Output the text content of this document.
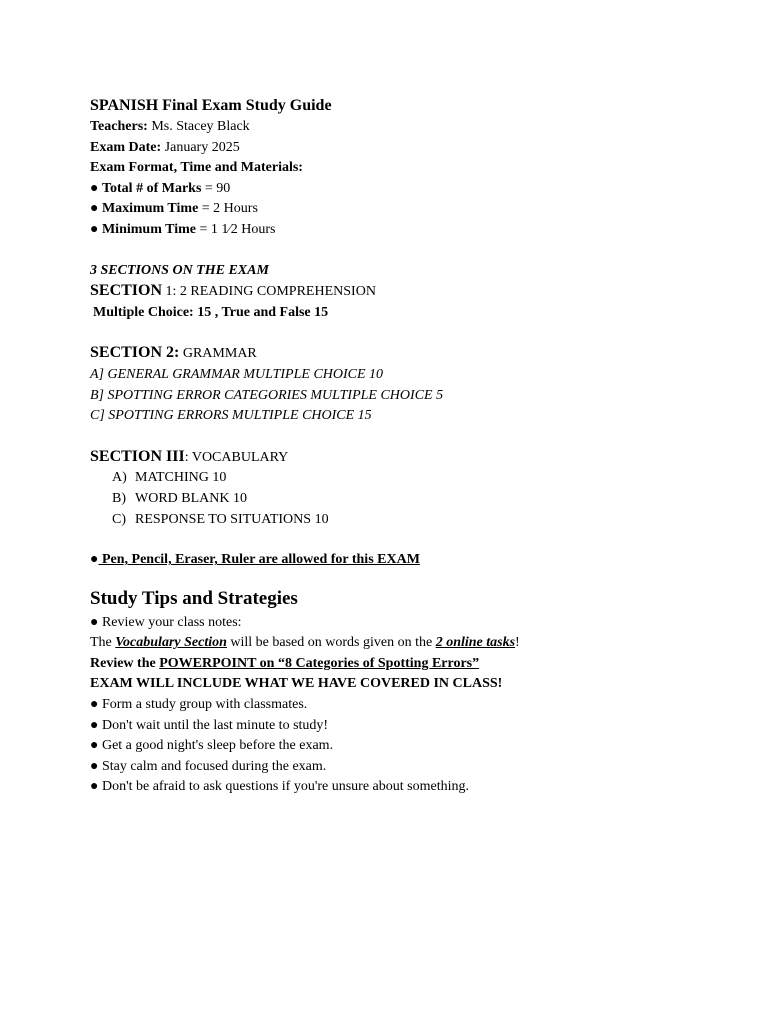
SPANISH Final Exam Study Guide
Teachers: Ms. Stacey Black
Exam Date: January 2025
Exam Format, Time and Materials:
● Total # of Marks = 90
● Maximum Time = 2 Hours
● Minimum Time = 1 1⁄2 Hours
3 SECTIONS ON THE EXAM
SECTION 1: 2 READING COMPREHENSION
Multiple Choice: 15 , True and False 15
SECTION 2: GRAMMAR
A] GENERAL GRAMMAR MULTIPLE CHOICE 10
B] SPOTTING ERROR CATEGORIES MULTIPLE CHOICE 5
C] SPOTTING ERRORS MULTIPLE CHOICE 15
SECTION III: VOCABULARY
A) MATCHING 10
B) WORD BLANK 10
C) RESPONSE TO SITUATIONS 10
● Pen, Pencil, Eraser, Ruler are allowed for this EXAM
Study Tips and Strategies
● Review your class notes:
The Vocabulary Section will be based on words given on the 2 online tasks!
Review the POWERPOINT on “8 Categories of Spotting Errors”
EXAM WILL INCLUDE WHAT WE HAVE COVERED IN CLASS!
● Form a study group with classmates.
● Don't wait until the last minute to study!
● Get a good night's sleep before the exam.
● Stay calm and focused during the exam.
● Don't be afraid to ask questions if you're unsure about something.
